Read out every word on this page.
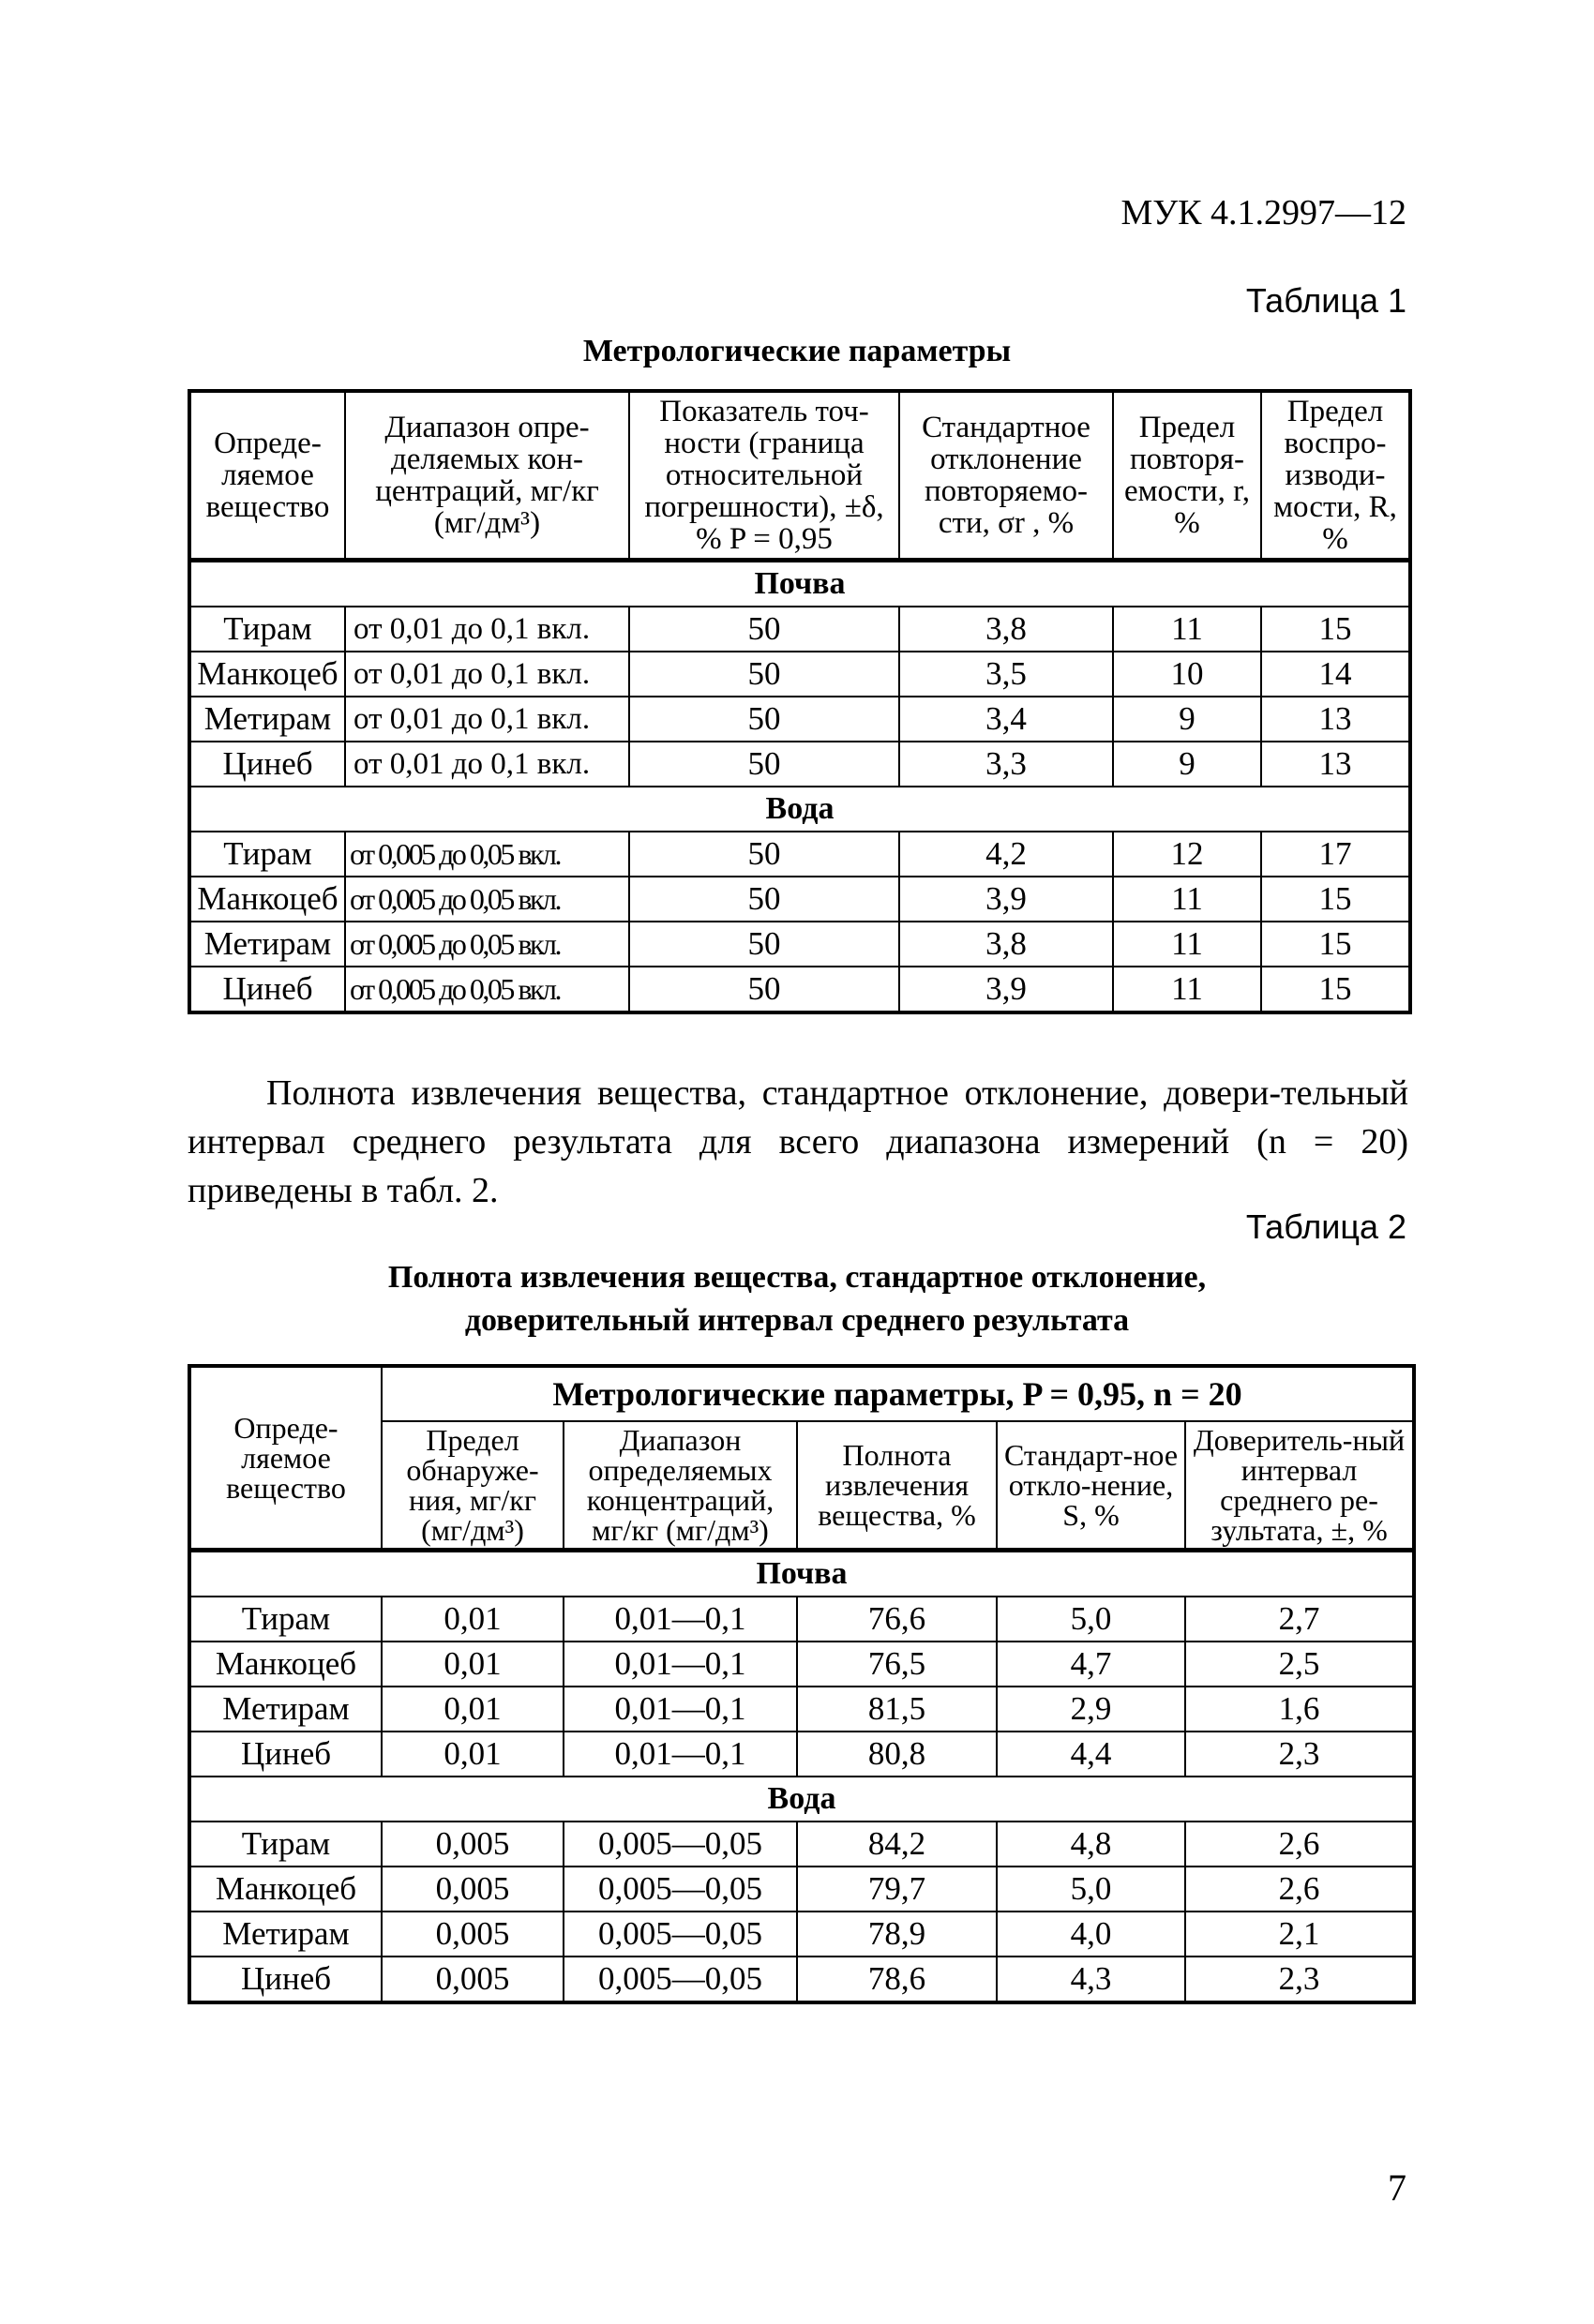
МУК 4.1.2997—12
Таблица 1
Метрологические параметры
Опреде-ляемое вещество	Диапазон опре-деляемых кон-центраций, мг/кг (мг/дм³)	Показатель точ-ности (граница относительной погрешности), ±δ, % P = 0,95	Стандартное отклонение повторяемо-сти, σr , %	Предел повторя-емости, r, %	Предел воспро-изводи-мости, R, %
Почва					
Тирам	от 0,01 до 0,1 вкл.	50	3,8	11	15
Манкоцеб	от 0,01 до 0,1 вкл.	50	3,5	10	14
Метирам	от 0,01 до 0,1 вкл.	50	3,4	9	13
Цинеб	от 0,01 до 0,1 вкл.	50	3,3	9	13
Вода					
Тирам	от 0,005 до 0,05 вкл.	50	4,2	12	17
Манкоцеб	от 0,005 до 0,05 вкл.	50	3,9	11	15
Метирам	от 0,005 до 0,05 вкл.	50	3,8	11	15
Цинеб	от 0,005 до 0,05 вкл.	50	3,9	11	15

Полнота извлечения вещества, стандартное отклонение, довери-тельный интервал среднего результата для всего диапазона измерений (n = 20) приведены в табл. 2.

Таблица 2
Полнота извлечения вещества, стандартное отклонение,
доверительный интервал среднего результата
Опреде-ляемое вещество	Метрологические параметры, P = 0,95, n = 20				
	Предел обнаруже-ния, мг/кг (мг/дм³)	Диапазон определяемых концентраций, мг/кг (мг/дм³)	Полнота извлечения вещества, %	Стандарт-ное откло-нение, S, %	Доверитель-ный интервал среднего ре-зультата, ±, %
Почва					
Тирам	0,01	0,01—0,1	76,6	5,0	2,7
Манкоцеб	0,01	0,01—0,1	76,5	4,7	2,5
Метирам	0,01	0,01—0,1	81,5	2,9	1,6
Цинеб	0,01	0,01—0,1	80,8	4,4	2,3
Вода					
Тирам	0,005	0,005—0,05	84,2	4,8	2,6
Манкоцеб	0,005	0,005—0,05	79,7	5,0	2,6
Метирам	0,005	0,005—0,05	78,9	4,0	2,1
Цинеб	0,005	0,005—0,05	78,6	4,3	2,3
7
